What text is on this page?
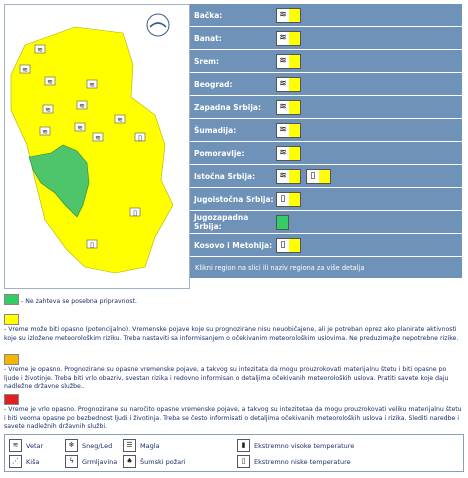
≋
≋
≋	≋
≋
≋
≋
≋
≋
≋	▯
▯
▯
Bačka:	≋
Banat:	≋
Srem:	≋
Beograd:	≋
Zapadna Srbija:	≋
Šumadija:	≋
Pomoravlje:	≋
Istočna Srbija:	≋	▯
Jugoistočna Srbija: ▯
Jugozapadna Srbija:
Kosovo i Metohija: ▯
Klikni region na slici ili naziv regiona za više detalja
- Ne zahteva se posebna pripravnost.

- Vreme može biti opasno (potencijalno). Vremenske pojave koje su prognozirane nisu neuobičajene, ali je potreban oprez ako planirate aktivnosti koje su izložene meteorološkim riziku. Treba nastaviti sa informisanjem o očekivanim meteorološkim uslovima. Ne preduzimajte nepotrebne rizike.

- Vreme je opasno. Prognozirane su opasne vremenske pojave, a takvog su intezitata da mogu prouzrokovati materijalnu štetu i biti opasne po ljude i životinje. Treba biti vrlo obazriv, svestan rizika i redovno informisan o detaljima očekivanih meteoroloških uslova. Pratiti savete koje daju nadležne državne službe..

- Vreme je vrlo opasno. Prognozirane su naročito opasne vremenske pojave, a takvog su intezitetaa da mogu prouzrokovati veliku materijalnu štetu i biti veoma opasne po bezbednost ljudi i životinja. Treba se često informisati o detaljima očekivanih meteoroloških uslova i rizika. Slediti naredbe i savete nadležnih državnih službi.
≋	Vetar	❄	Sneg/Led	☰	Magla	▮	Ekstremno visoke temperature
⋰	Kiša	ϟ	Grmljavina	♠	Šumski požari	▯	Ekstremno niske temperature
